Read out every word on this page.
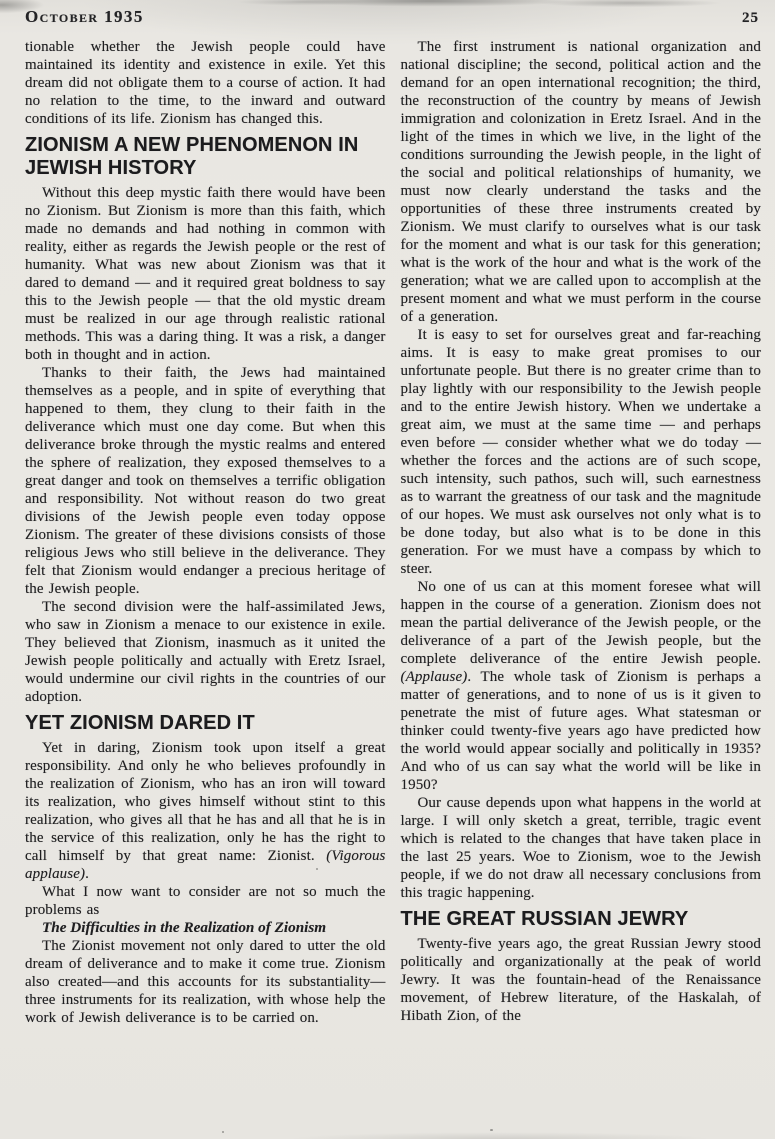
October 1935	25

tionable whether the Jewish people could have maintained its identity and existence in exile. Yet this dream did not obligate them to a course of action. It had no relation to the time, to the inward and outward conditions of its life. Zionism has changed this.

ZIONISM A NEW PHENOMENON IN JEWISH HISTORY

Without this deep mystic faith there would have been no Zionism. But Zionism is more than this faith, which made no demands and had nothing in common with reality, either as regards the Jewish people or the rest of humanity. What was new about Zionism was that it dared to demand — and it required great boldness to say this to the Jewish people — that the old mystic dream must be realized in our age through realistic rational methods. This was a daring thing. It was a risk, a danger both in thought and in action.

Thanks to their faith, the Jews had maintained themselves as a people, and in spite of everything that happened to them, they clung to their faith in the deliverance which must one day come. But when this deliverance broke through the mystic realms and entered the sphere of realization, they exposed themselves to a great danger and took on themselves a terrific obligation and responsibility. Not without reason do two great divisions of the Jewish people even today oppose Zionism. The greater of these divisions consists of those religious Jews who still believe in the deliverance. They felt that Zionism would endanger a precious heritage of the Jewish people.

The second division were the half-assimilated Jews, who saw in Zionism a menace to our existence in exile. They believed that Zionism, inasmuch as it united the Jewish people politically and actually with Eretz Israel, would undermine our civil rights in the countries of our adoption.

YET ZIONISM DARED IT

Yet in daring, Zionism took upon itself a great responsibility. And only he who believes profoundly in the realization of Zionism, who has an iron will toward its realization, who gives himself without stint to this realization, who gives all that he has and all that he is in the service of this realization, only he has the right to call himself by that great name: Zionist. (Vigorous applause).

What I now want to consider are not so much the problems as

The Difficulties in the Realization of Zionism

The Zionist movement not only dared to utter the old dream of deliverance and to make it come true. Zionism also created—and this accounts for its substantiality—three instruments for its realization, with whose help the work of Jewish deliverance is to be carried on.

The first instrument is national organization and national discipline; the second, political action and the demand for an open international recognition; the third, the reconstruction of the country by means of Jewish immigration and colonization in Eretz Israel. And in the light of the times in which we live, in the light of the conditions surrounding the Jewish people, in the light of the social and political relationships of humanity, we must now clearly understand the tasks and the opportunities of these three instruments created by Zionism. We must clarify to ourselves what is our task for the moment and what is our task for this generation; what is the work of the hour and what is the work of the generation; what we are called upon to accomplish at the present moment and what we must perform in the course of a generation.

It is easy to set for ourselves great and far-reaching aims. It is easy to make great promises to our unfortunate people. But there is no greater crime than to play lightly with our responsibility to the Jewish people and to the entire Jewish history. When we undertake a great aim, we must at the same time — and perhaps even before — consider whether what we do today — whether the forces and the actions are of such scope, such intensity, such pathos, such will, such earnestness as to warrant the greatness of our task and the magnitude of our hopes. We must ask ourselves not only what is to be done today, but also what is to be done in this generation. For we must have a compass by which to steer.

No one of us can at this moment foresee what will happen in the course of a generation. Zionism does not mean the partial deliverance of the Jewish people, or the deliverance of a part of the Jewish people, but the complete deliverance of the entire Jewish people. (Applause). The whole task of Zionism is perhaps a matter of generations, and to none of us is it given to penetrate the mist of future ages. What statesman or thinker could twenty-five years ago have predicted how the world would appear socially and politically in 1935? And who of us can say what the world will be like in 1950?

Our cause depends upon what happens in the world at large. I will only sketch a great, terrible, tragic event which is related to the changes that have taken place in the last 25 years. Woe to Zionism, woe to the Jewish people, if we do not draw all necessary conclusions from this tragic happening.

THE GREAT RUSSIAN JEWRY

Twenty-five years ago, the great Russian Jewry stood politically and organizationally at the peak of world Jewry. It was the fountain-head of the Renaissance movement, of Hebrew literature, of the Haskalah, of Hibath Zion, of the
